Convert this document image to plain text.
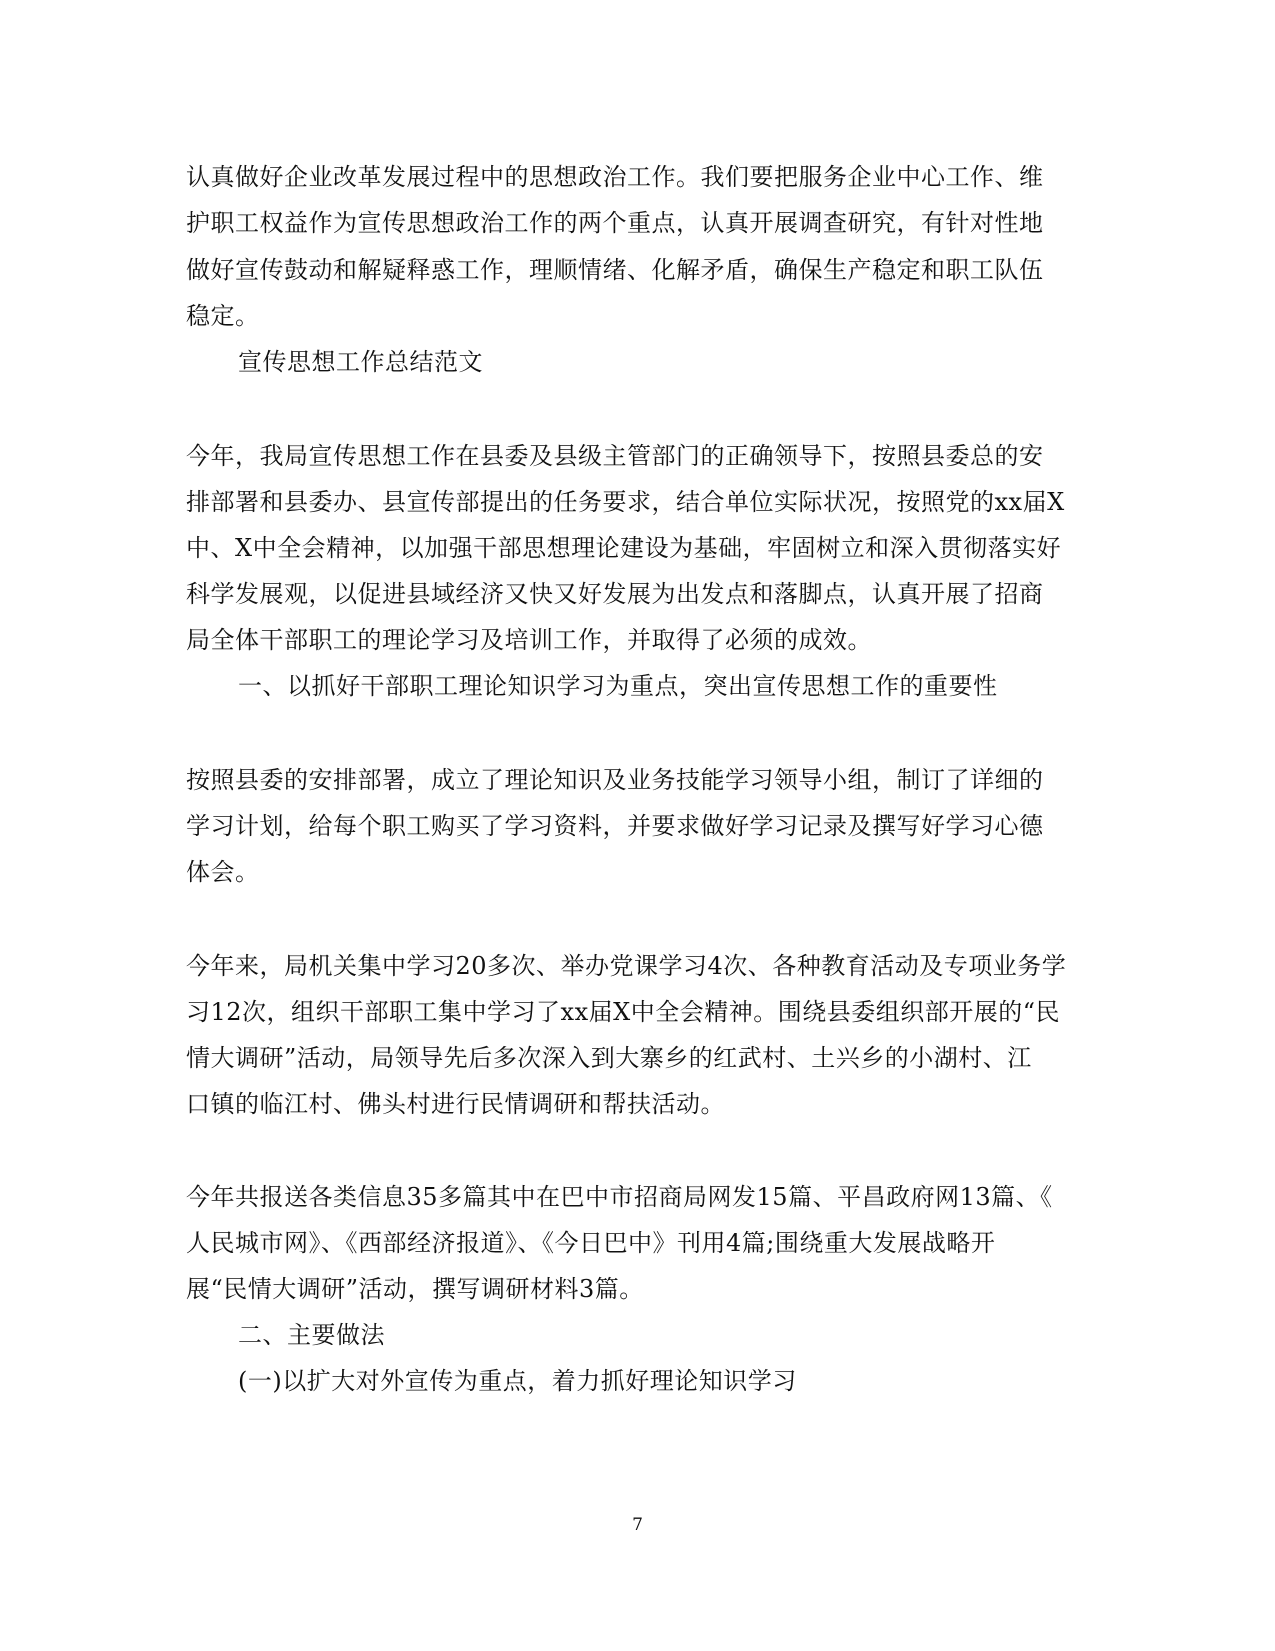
认真做好企业改革发展过程中的思想政治工作。我们要把服务企业中心工作、维
护职工权益作为宣传思想政治工作的两个重点，认真开展调查研究，有针对性地
做好宣传鼓动和解疑释惑工作，理顺情绪、化解矛盾，确保生产稳定和职工队伍
稳定。
宣传思想工作总结范文
今年，我局宣传思想工作在县委及县级主管部门的正确领导下，按照县委总的安
排部署和县委办、县宣传部提出的任务要求，结合单位实际状况，按照党的xx届X
中、X中全会精神，以加强干部思想理论建设为基础，牢固树立和深入贯彻落实好
科学发展观，以促进县域经济又快又好发展为出发点和落脚点，认真开展了招商
局全体干部职工的理论学习及培训工作，并取得了必须的成效。
一、以抓好干部职工理论知识学习为重点，突出宣传思想工作的重要性
按照县委的安排部署，成立了理论知识及业务技能学习领导小组，制订了详细的
学习计划，给每个职工购买了学习资料，并要求做好学习记录及撰写好学习心德
体会。
今年来，局机关集中学习20多次、举办党课学习4次、各种教育活动及专项业务学
习12次，组织干部职工集中学习了xx届X中全会精神。围绕县委组织部开展的“民
情大调研”活动，局领导先后多次深入到大寨乡的红武村、土兴乡的小湖村、江
口镇的临江村、佛头村进行民情调研和帮扶活动。
今年共报送各类信息35多篇其中在巴中市招商局网发15篇、平昌政府网13篇、《
人民城市网》、《西部经济报道》、《今日巴中》刊用4篇;围绕重大发展战略开
展“民情大调研”活动，撰写调研材料3篇。
二、主要做法
(一)以扩大对外宣传为重点，着力抓好理论知识学习
7
